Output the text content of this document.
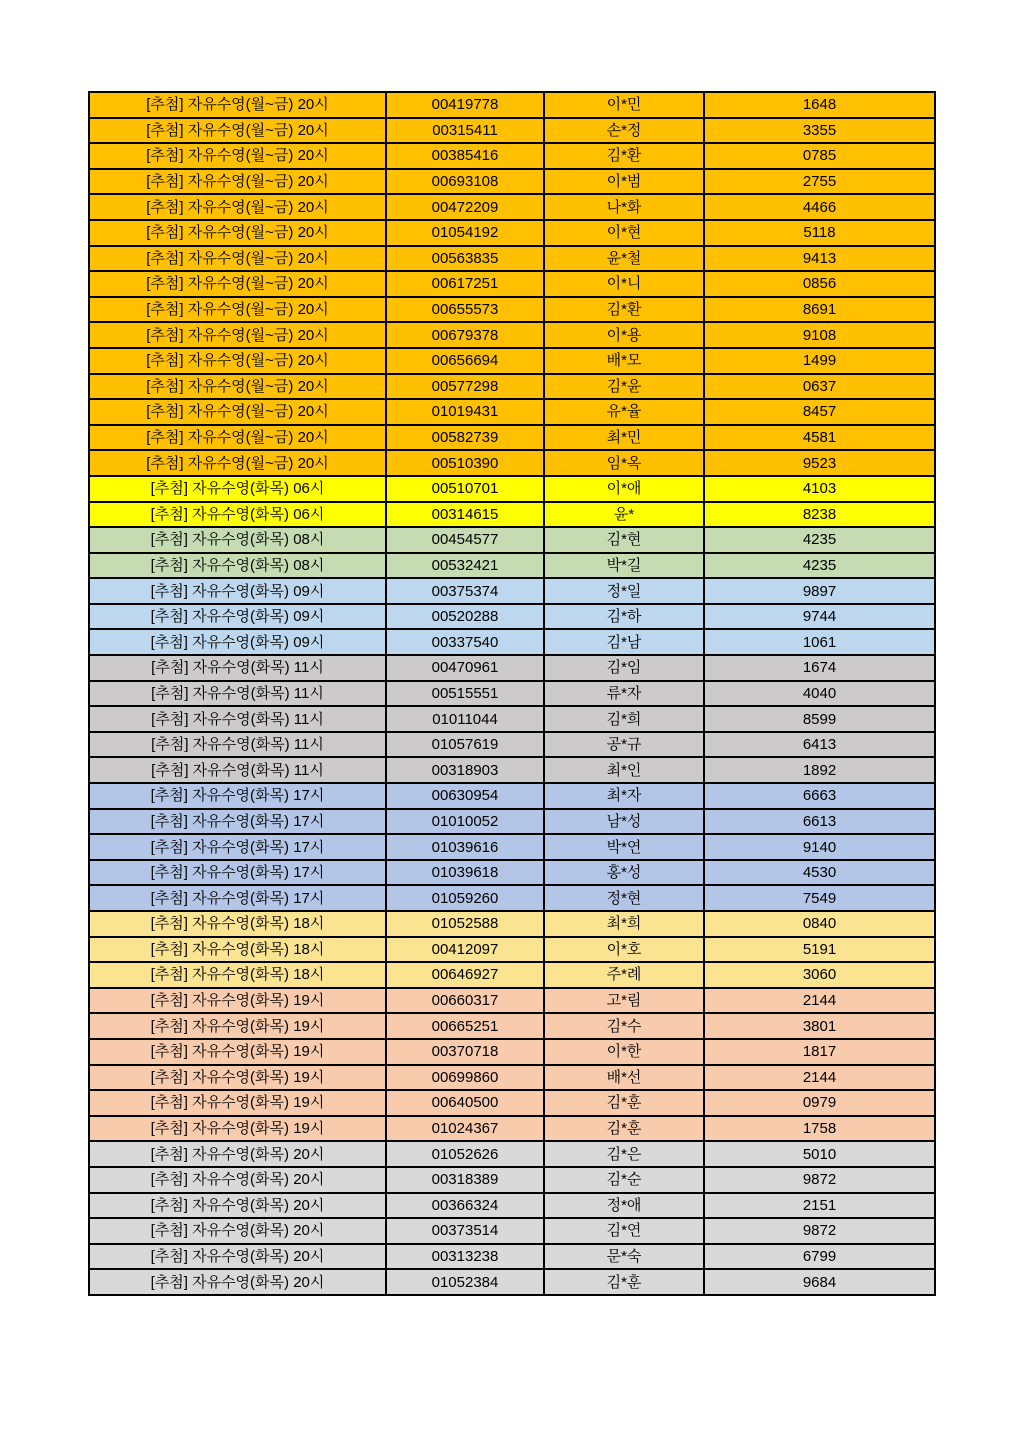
[추첨] 자유수영(월~금) 20시	00419778	이*민	1648
[추첨] 자유수영(월~금) 20시	00315411	손*정	3355
[추첨] 자유수영(월~금) 20시	00385416	김*환	0785
[추첨] 자유수영(월~금) 20시	00693108	이*범	2755
[추첨] 자유수영(월~금) 20시	00472209	나*화	4466
[추첨] 자유수영(월~금) 20시	01054192	이*현	5118
[추첨] 자유수영(월~금) 20시	00563835	윤*철	9413
[추첨] 자유수영(월~금) 20시	00617251	이*니	0856
[추첨] 자유수영(월~금) 20시	00655573	김*환	8691
[추첨] 자유수영(월~금) 20시	00679378	이*용	9108
[추첨] 자유수영(월~금) 20시	00656694	배*모	1499
[추첨] 자유수영(월~금) 20시	00577298	김*윤	0637
[추첨] 자유수영(월~금) 20시	01019431	유*율	8457
[추첨] 자유수영(월~금) 20시	00582739	최*민	4581
[추첨] 자유수영(월~금) 20시	00510390	임*옥	9523
[추첨] 자유수영(화목) 06시	00510701	이*애	4103
[추첨] 자유수영(화목) 06시	00314615	윤*	8238
[추첨] 자유수영(화목) 08시	00454577	김*현	4235
[추첨] 자유수영(화목) 08시	00532421	박*길	4235
[추첨] 자유수영(화목) 09시	00375374	정*일	9897
[추첨] 자유수영(화목) 09시	00520288	김*하	9744
[추첨] 자유수영(화목) 09시	00337540	김*남	1061
[추첨] 자유수영(화목) 11시	00470961	김*임	1674
[추첨] 자유수영(화목) 11시	00515551	류*자	4040
[추첨] 자유수영(화목) 11시	01011044	김*희	8599
[추첨] 자유수영(화목) 11시	01057619	공*규	6413
[추첨] 자유수영(화목) 11시	00318903	최*인	1892
[추첨] 자유수영(화목) 17시	00630954	최*자	6663
[추첨] 자유수영(화목) 17시	01010052	남*성	6613
[추첨] 자유수영(화목) 17시	01039616	박*연	9140
[추첨] 자유수영(화목) 17시	01039618	홍*성	4530
[추첨] 자유수영(화목) 17시	01059260	정*현	7549
[추첨] 자유수영(화목) 18시	01052588	최*희	0840
[추첨] 자유수영(화목) 18시	00412097	이*호	5191
[추첨] 자유수영(화목) 18시	00646927	주*례	3060
[추첨] 자유수영(화목) 19시	00660317	고*림	2144
[추첨] 자유수영(화목) 19시	00665251	김*수	3801
[추첨] 자유수영(화목) 19시	00370718	이*한	1817
[추첨] 자유수영(화목) 19시	00699860	배*선	2144
[추첨] 자유수영(화목) 19시	00640500	김*훈	0979
[추첨] 자유수영(화목) 19시	01024367	김*훈	1758
[추첨] 자유수영(화목) 20시	01052626	김*은	5010
[추첨] 자유수영(화목) 20시	00318389	김*순	9872
[추첨] 자유수영(화목) 20시	00366324	정*애	2151
[추첨] 자유수영(화목) 20시	00373514	김*연	9872
[추첨] 자유수영(화목) 20시	00313238	문*숙	6799
[추첨] 자유수영(화목) 20시	01052384	김*훈	9684
